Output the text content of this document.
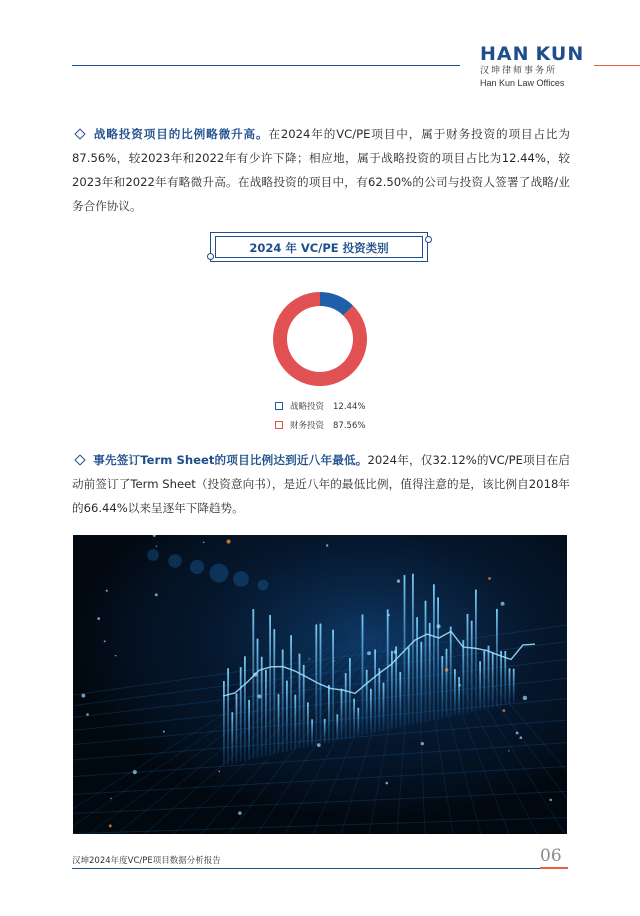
HAN KUN
汉坤律师事务所
Han Kun Law Offices
战略投资项目的比例略微升高。在2024年的VC/PE项目中，属于财务投资的项目占比为87.56%，较2023年和2022年有少许下降；相应地，属于战略投资的项目占比为12.44%，较2023年和2022年有略微升高。在战略投资的项目中，有62.50%的公司与投资人签署了战略/业务合作协议。
2024 年 VC/PE 投资类别
战略投资 12.44%
财务投资 87.56%
事先签订Term Sheet的项目比例达到近八年最低。2024年，仅32.12%的VC/PE项目在启动前签订了Term Sheet（投资意向书），是近八年的最低比例，值得注意的是，该比例自2018年的66.44%以来呈逐年下降趋势。
汉坤2024年度VC/PE项目数据分析报告	06
